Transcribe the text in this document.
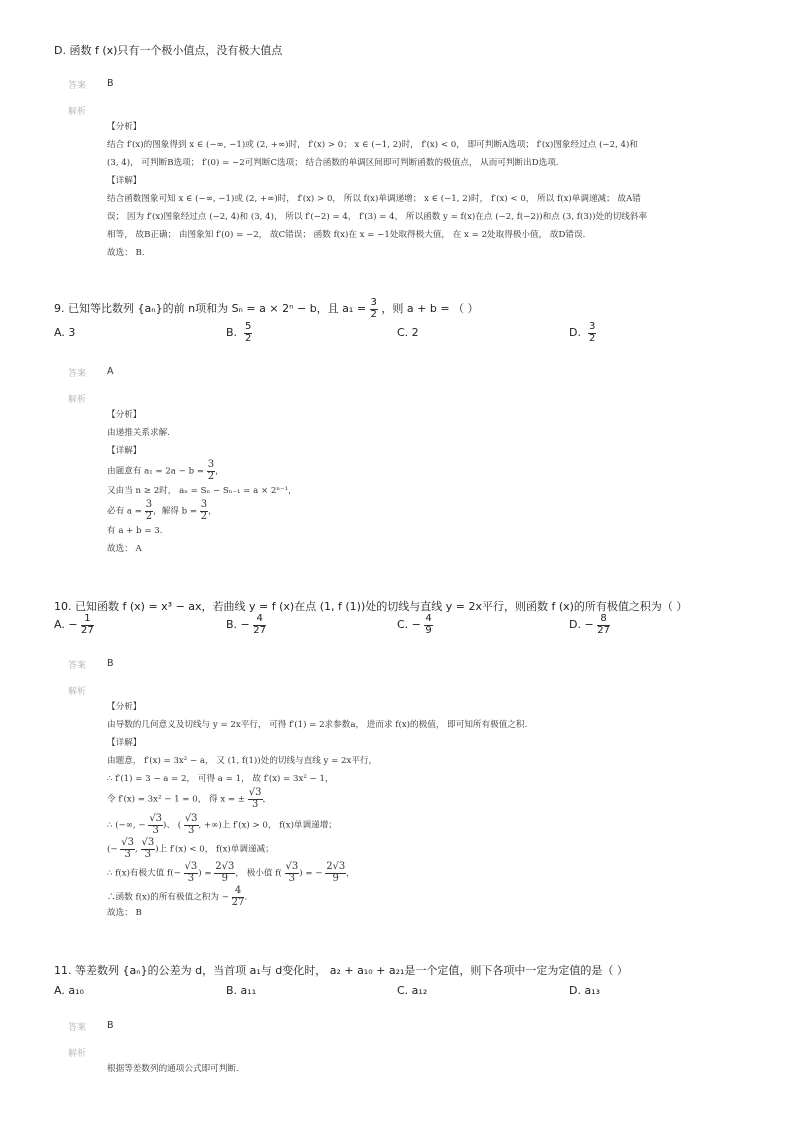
D. 函数 f (x)只有一个极小值点，没有极大值点
答案 B
解析
【分析】
结合 f′(x)的图象得到 x ∈ (−∞, −1)或 (2, +∞)时， f′(x) > 0； x ∈ (−1, 2)时， f′(x) < 0， 即可判断A选项； f′(x)图象经过点 (−2, 4)和
(3, 4)， 可判断B选项； f′(0) = −2可判断C选项； 结合函数的单调区间即可判断函数的极值点， 从而可判断出D选项.
【详解】
结合函数图象可知 x ∈ (−∞, −1)或 (2, +∞)时， f′(x) > 0， 所以 f(x)单调递增； x ∈ (−1, 2)时， f′(x) < 0， 所以 f(x)单调递减； 故A错
误； 因为 f′(x)图象经过点 (−2, 4)和 (3, 4)， 所以 f′(−2) = 4， f′(3) = 4， 所以函数 y = f(x)在点 (−2, f(−2))和点 (3, f(3))处的切线斜率
相等， 故B正确； 由图象知 f′(0) = −2， 故C错误； 函数 f(x)在 x = −1处取得极大值， 在 x = 2处取得极小值， 故D错误.
故选： B.
9. 已知等比数列 {aₙ}的前 n项和为 Sₙ = a × 2ⁿ − b，且 $a_1 = \frac{3}{2}$ ，则 a + b = （ ）
A. 3	B. $\frac{5}{2}$	C. 2	D. $\frac{3}{2}$
答案 A
解析
【分析】
由递推关系求解.
【详解】
由题意有 $a_1 = 2a - b = \frac{3}{2}$ ，
又由当 n ≥ 2时， aₙ = Sₙ − Sₙ₋₁ = a × 2ⁿ⁻¹，
必有 $a = \frac{3}{2}$ ，解得 $b = \frac{3}{2}$ ，
有 a + b = 3.
故选： A
10. 已知函数 f (x) = x³ − ax，若曲线 y = f (x)在点 (1, f (1))处的切线与直线 y = 2x平行，则函数 f (x)的所有极值之积为（ ）
A. − $\frac{1}{27}$	B. − $\frac{4}{27}$	C. − $\frac{4}{9}$	D. − $\frac{8}{27}$
答案 B
解析
【分析】
由导数的几何意义及切线与 y = 2x平行， 可得 f′(1) = 2求参数a， 进而求 f(x)的极值， 即可知所有极值之积.
【详解】
由题意， f′(x) = 3x² − a， 又 (1, f(1))处的切线与直线 y = 2x平行，
∴ f′(1) = 3 − a = 2， 可得 a = 1， 故 f′(x) = 3x² − 1，
令 f′(x) = 3x² − 1 = 0， 得 x = ± $\frac{√3}{3}$ ，
∴ (−∞, − $\frac{√3}{3}$ )、 ( $\frac{√3}{3}$ , +∞)上 f′(x) > 0， f(x)单调递增；
(− $\frac{√3}{3}$ , $\frac{√3}{3}$ )上 f′(x) < 0， f(x)单调递减；
∴ f(x)有极大值 $f(- \frac{√3}{3}$ ) = $\frac{2√3}{9}$ ， 极小值 $f( \frac{√3}{3}$ ) = − $\frac{2√3}{9}$ ，
∴函数 f(x)的所有极值之积为 − $\frac{4}{27}$ .
故选： B
11. 等差数列 {aₙ}的公差为 d，当首项 a₁与 d变化时， a₂ + a₁₀ + a₂₁是一个定值，则下各项中一定为定值的是（ ）
A. a₁₀	B. a₁₁	C. a₁₂	D. a₁₃
答案 B
解析
根据等差数列的通项公式即可判断.
